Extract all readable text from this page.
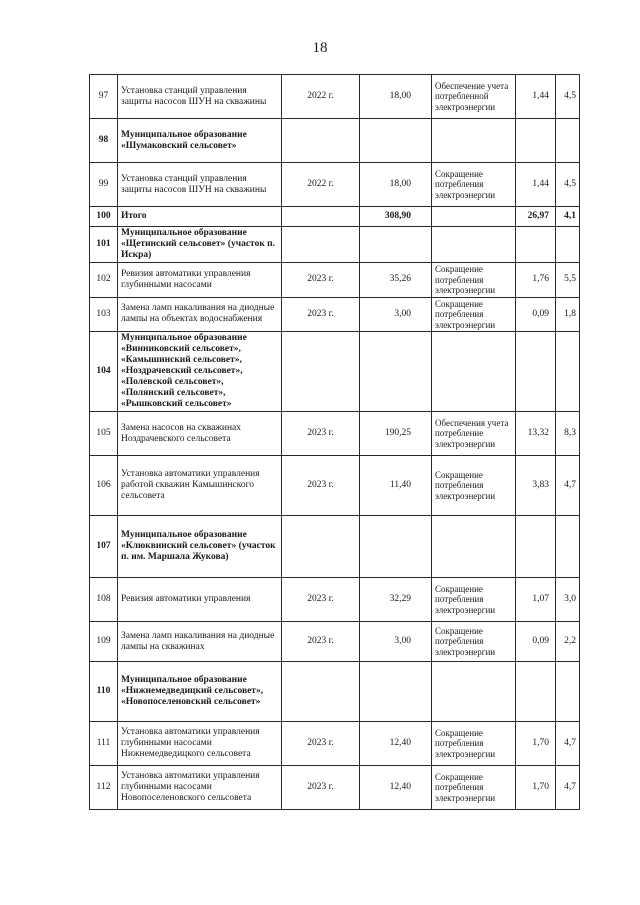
18
97	Установка станций управления защиты насосов ШУН на скважины	2022 г.	18,00	Обеспечение учета потребленной электроэнергии	1,44	4,5
98	Муниципальное образование «Шумаковский сельсовет»					
99	Установка станций управления защиты насосов ШУН на скважины	2022 г.	18,00	Сокращение потребления электроэнергии	1,44	4,5
100	Итого		308,90		26,97	4,1
101	Муниципальное образование «Щетинский сельсовет» (участок п. Искра)					
102	Ревизия автоматики управления глубинными насосами	2023 г.	35,26	Сокращение потребления электроэнергии	1,76	5,5
103	Замена ламп накаливания на диодные лампы на объектах водоснабжения	2023 г.	3,00	Сокращение потребления электроэнергии	0,09	1,8
104	Муниципальное образование «Винниковский сельсовет», «Камышинский сельсовет», «Ноздрачевский сельсовет», «Полевской сельсовет», «Полянский сельсовет», «Рышковский сельсовет»					
105	Замена насосов на скважинах Ноздрачевского сельсовета	2023 г.	190,25	Обеспечения учета потребление электроэнергии	13,32	8,3
106	Установка автоматики управления работой скважин Камышинского сельсовета	2023 г.	11,40	Сокращение потребления электроэнергии	3,83	4,7
107	Муниципальное образование «Клюквинский сельсовет» (участок п. им. Маршала Жукова)					
108	Ревизия автоматики управления	2023 г.	32,29	Сокращение потребления электроэнергии	1,07	3,0
109	Замена ламп накаливания на диодные лампы на скважинах	2023 г.	3,00	Сокращение потребления электроэнергии	0,09	2,2
110	Муниципальное образование «Нижнемедведицкий сельсовет», «Новопоселеновский сельсовет»					
111	Установка автоматики управления глубинными насосами Нижнемедведицкого сельсовета	2023 г.	12,40	Сокращение потребления электроэнергии	1,70	4,7
112	Установка автоматики управления глубинными насосами Новопоселеновского сельсовета	2023 г.	12,40	Сокращение потребления электроэнергии	1,70	4,7
